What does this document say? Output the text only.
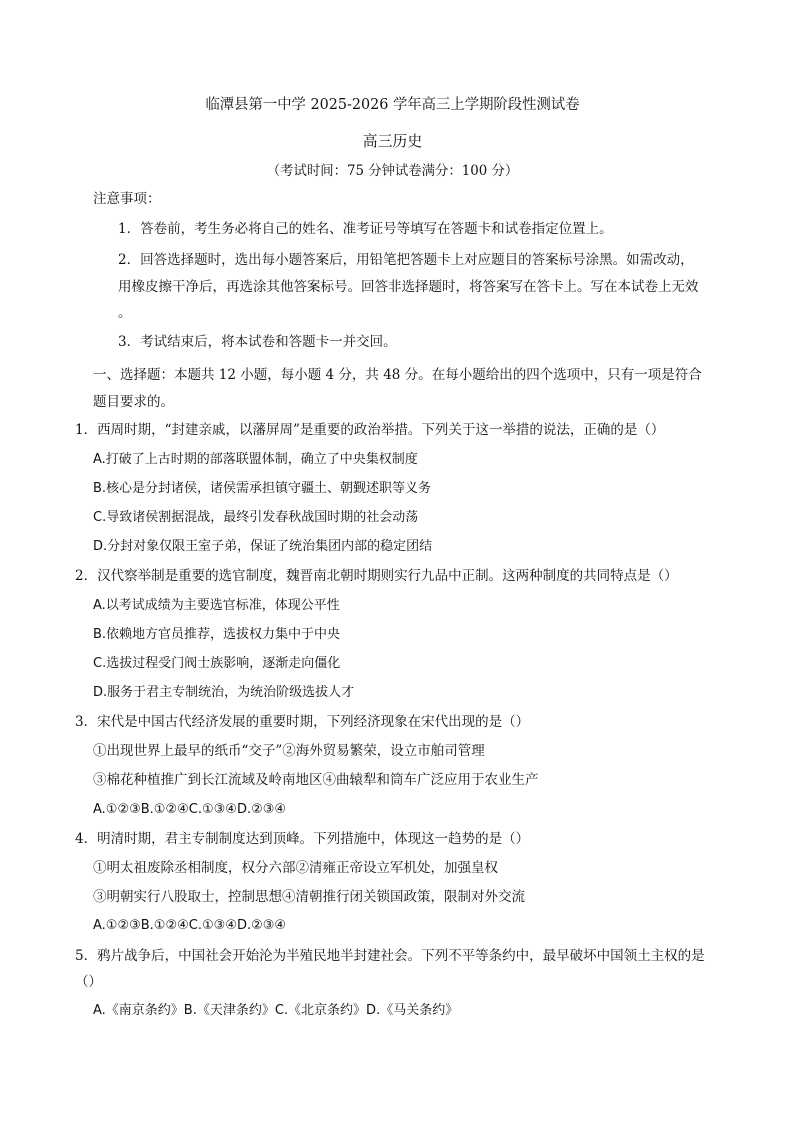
临潭县第一中学 2025-2026 学年高三上学期阶段性测试卷
高三历史
（考试时间：75 分钟试卷满分：100 分）
注意事项：
1．答卷前，考生务必将自己的姓名、准考证号等填写在答题卡和试卷指定位置上。
2．回答选择题时，选出每小题答案后，用铅笔把答题卡上对应题目的答案标号涂黑。如需改动，
用橡皮擦干净后，再选涂其他答案标号。回答非选择题时，将答案写在答卡上。写在本试卷上无效
。
3．考试结束后，将本试卷和答题卡一并交回。
一、选择题：本题共 12 小题，每小题 4 分，共 48 分。在每小题给出的四个选项中，只有一项是符合
题目要求的。
1．西周时期，“封建亲戚，以藩屏周”是重要的政治举措。下列关于这一举措的说法，正确的是（）
A.打破了上古时期的部落联盟体制，确立了中央集权制度
B.核心是分封诸侯，诸侯需承担镇守疆土、朝觐述职等义务
C.导致诸侯割据混战，最终引发春秋战国时期的社会动荡
D.分封对象仅限王室子弟，保证了统治集团内部的稳定团结
2．汉代察举制是重要的选官制度，魏晋南北朝时期则实行九品中正制。这两种制度的共同特点是（）
A.以考试成绩为主要选官标准，体现公平性
B.依赖地方官员推荐，选拔权力集中于中央
C.选拔过程受门阀士族影响，逐渐走向僵化
D.服务于君主专制统治，为统治阶级选拔人才
3．宋代是中国古代经济发展的重要时期，下列经济现象在宋代出现的是（）
①出现世界上最早的纸币“交子”②海外贸易繁荣，设立市舶司管理
③棉花种植推广到长江流域及岭南地区④曲辕犁和筒车广泛应用于农业生产
A.①②③B.①②④C.①③④D.②③④
4．明清时期，君主专制制度达到顶峰。下列措施中，体现这一趋势的是（）
①明太祖废除丞相制度，权分六部②清雍正帝设立军机处，加强皇权
③明朝实行八股取士，控制思想④清朝推行闭关锁国政策，限制对外交流
A.①②③B.①②④C.①③④D.②③④
5．鸦片战争后，中国社会开始沦为半殖民地半封建社会。下列不平等条约中，最早破坏中国领土主权的是
（）
A.《南京条约》B.《天津条约》C.《北京条约》D.《马关条约》
